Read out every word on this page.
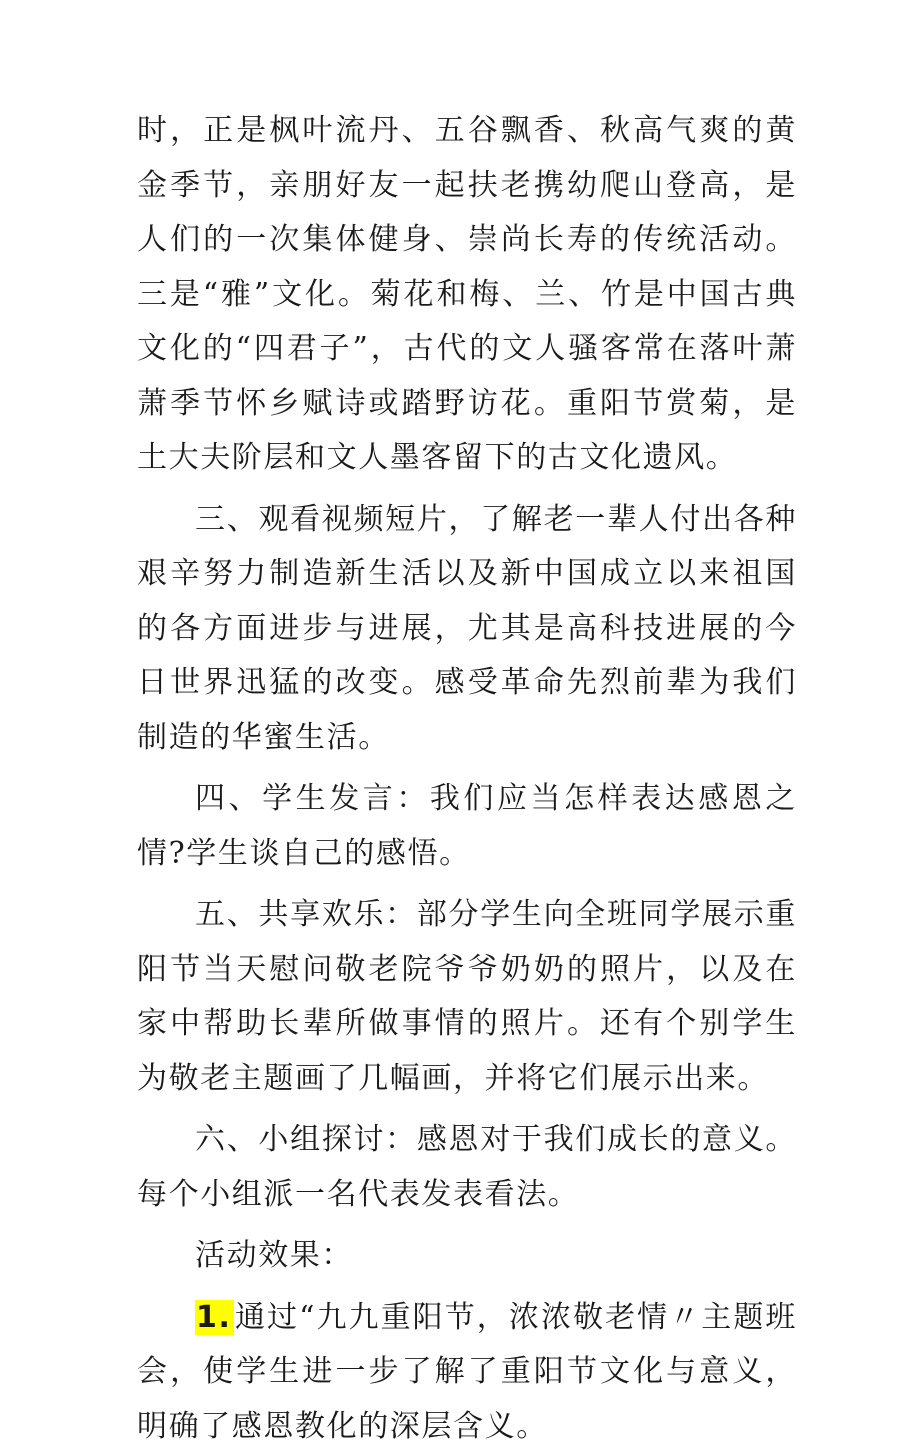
时，正是枫叶流丹、五谷飘香、秋高气爽的黄金季节，亲朋好友一起扶老携幼爬山登高，是人们的一次集体健身、崇尚长寿的传统活动。三是“雅”文化。菊花和梅、兰、竹是中国古典文化的“四君子”，古代的文人骚客常在落叶萧萧季节怀乡赋诗或踏野访花。重阳节赏菊，是土大夫阶层和文人墨客留下的古文化遗风。

三、观看视频短片，了解老一辈人付出各种艰辛努力制造新生活以及新中国成立以来祖国的各方面进步与进展，尤其是高科技进展的今日世界迅猛的改变。感受革命先烈前辈为我们制造的华蜜生活。

四、学生发言：我们应当怎样表达感恩之情?学生谈自己的感悟。

五、共享欢乐：部分学生向全班同学展示重阳节当天慰问敬老院爷爷奶奶的照片，以及在家中帮助长辈所做事情的照片。还有个别学生为敬老主题画了几幅画，并将它们展示出来。

六、小组探讨：感恩对于我们成长的意义。每个小组派一名代表发表看法。

活动效果：

1. 通过“九九重阳节，浓浓敬老情〃主题班会，使学生进一步了解了重阳节文化与意义，明确了感恩教化的深层含义。
